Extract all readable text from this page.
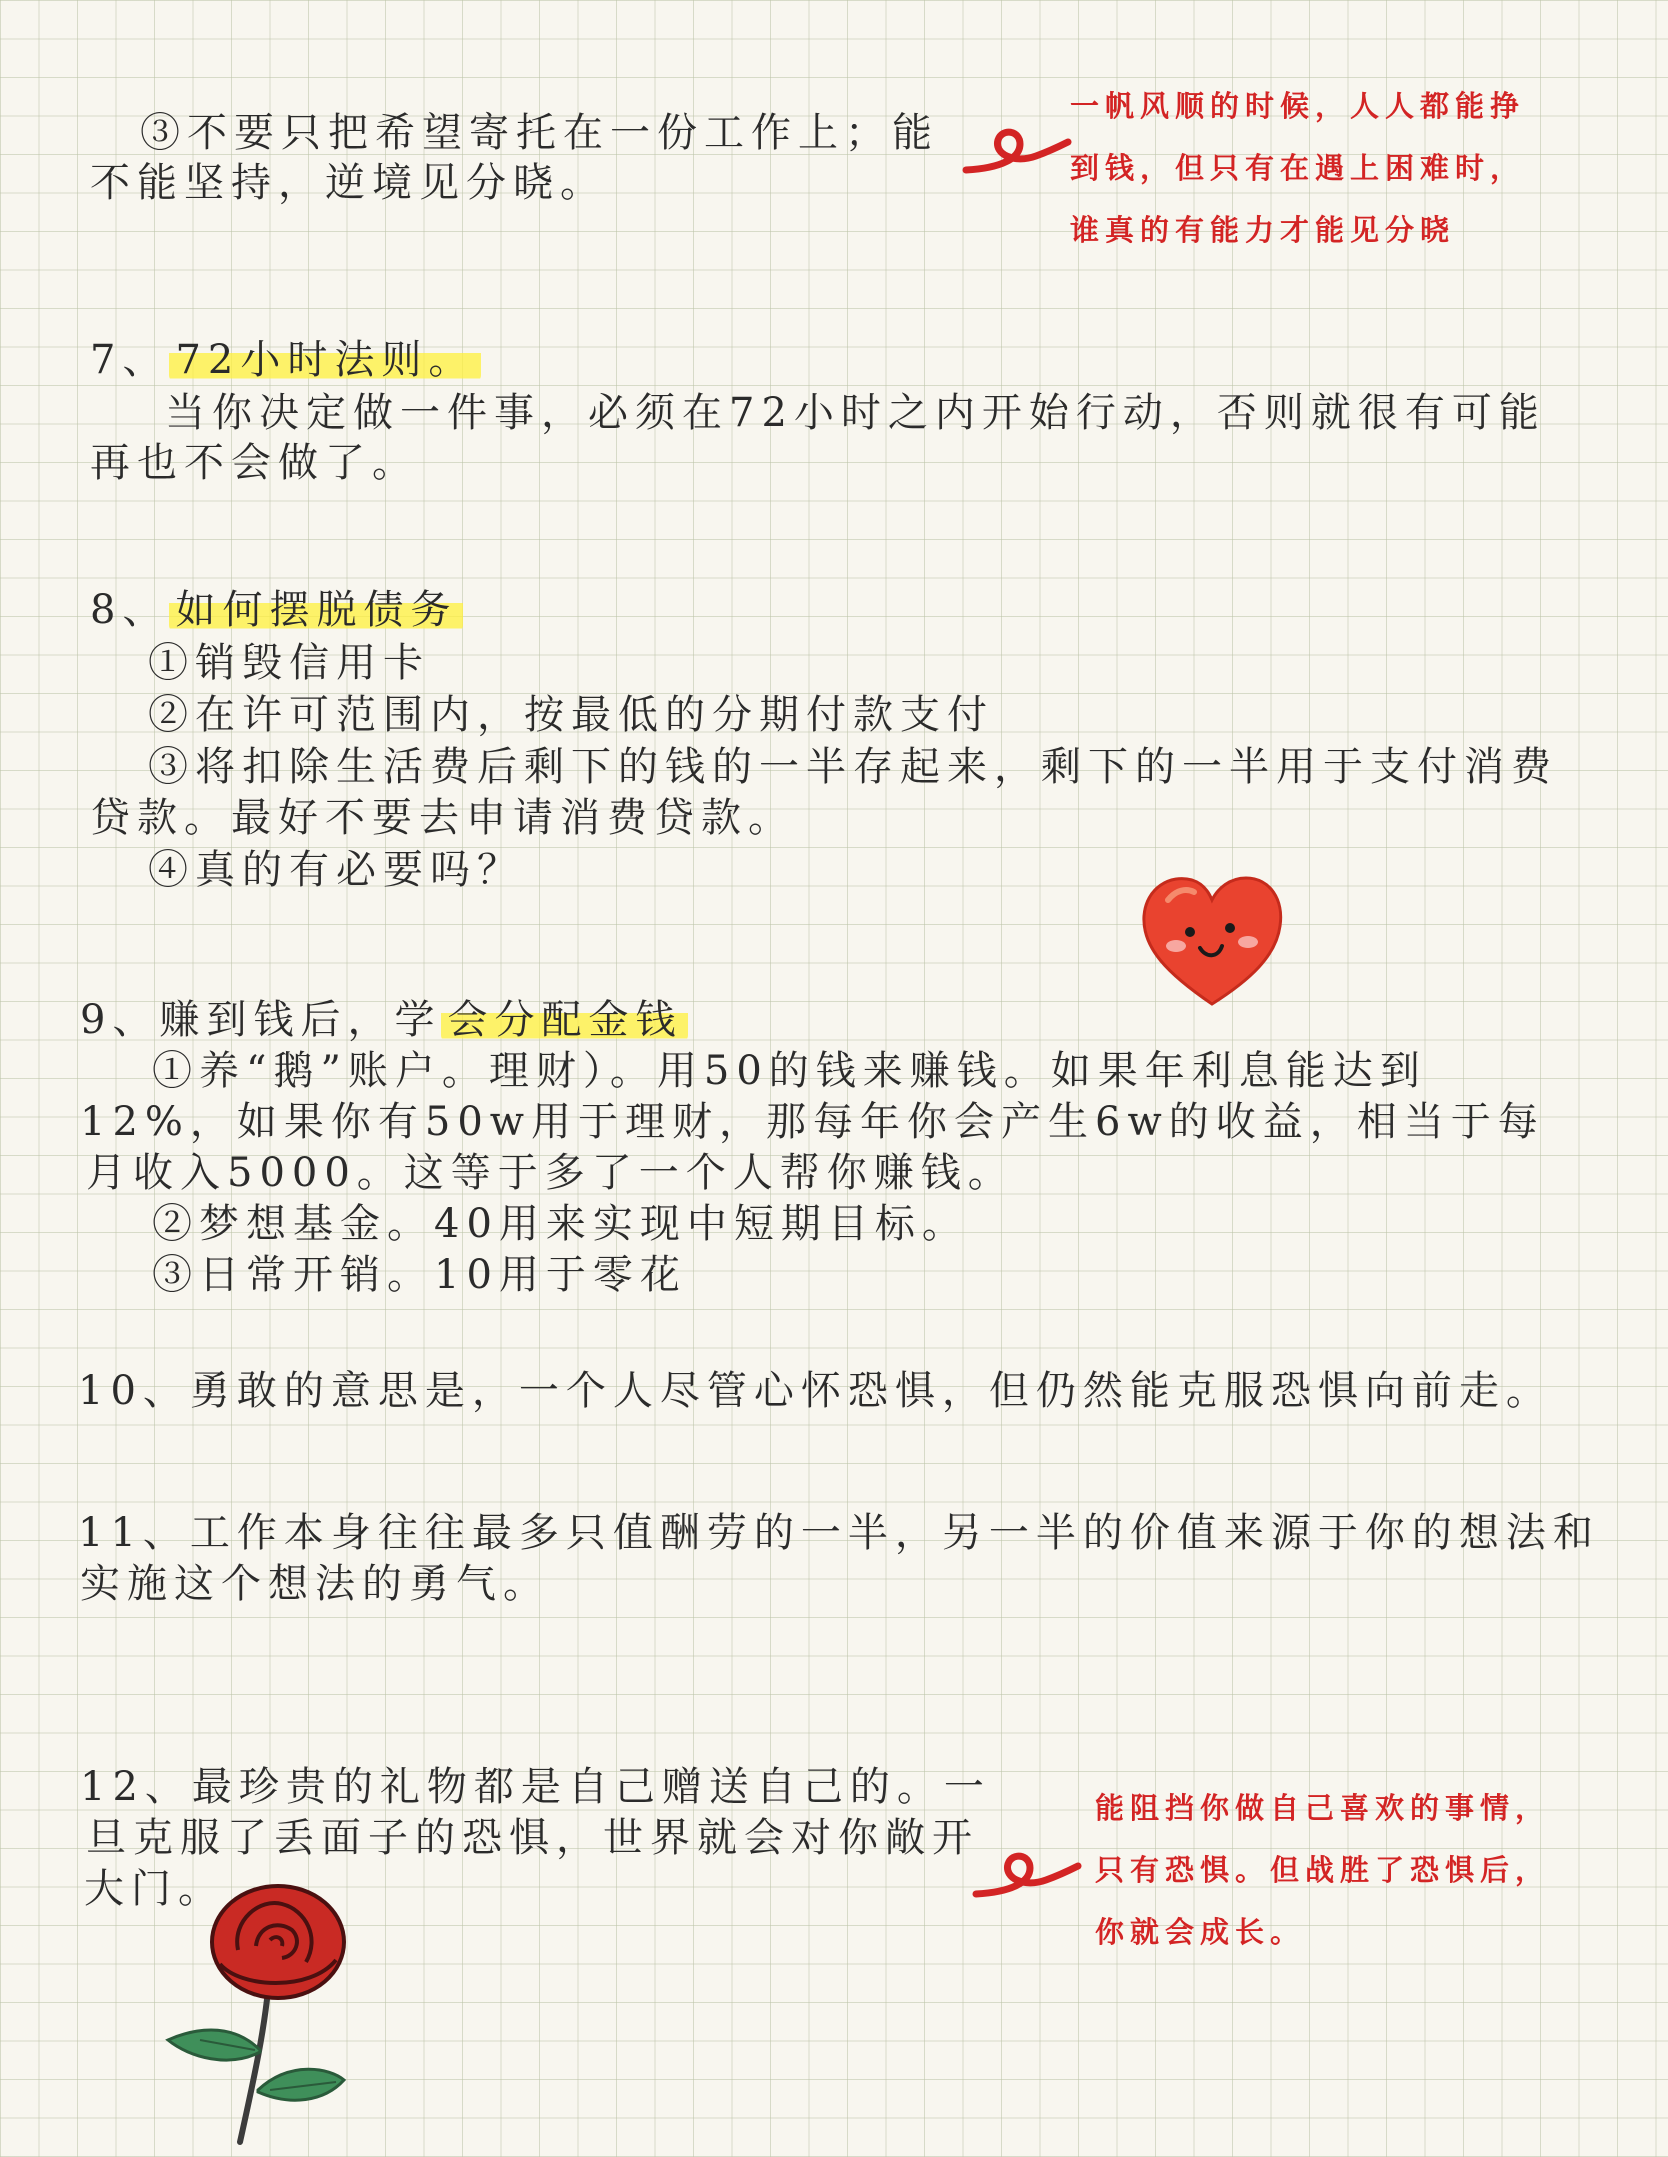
③不要只把希望寄托在一份工作上；能
不能坚持，逆境见分晓。
一帆风顺的时候，人人都能挣
到钱，但只有在遇上困难时，
谁真的有能力才能见分晓
7、 72小时法则。
当你决定做一件事，必须在72小时之内开始行动，否则就很有可能
再也不会做了。
8、 如何摆脱债务
①销毁信用卡
②在许可范围内，按最低的分期付款支付
③将扣除生活费后剩下的钱的一半存起来，剩下的一半用于支付消费
贷款。最好不要去申请消费贷款。
④真的有必要吗？
9、赚到钱后，学 会分配金钱
①养“鹅”账户。理财）。用50的钱来赚钱。如果年利息能达到
12%，如果你有50w用于理财，那每年你会产生6w的收益，相当于每
月收入5000。这等于多了一个人帮你赚钱。
②梦想基金。40用来实现中短期目标。
③日常开销。10用于零花
10、勇敢的意思是，一个人尽管心怀恐惧，但仍然能克服恐惧向前走。
11、工作本身往往最多只值酬劳的一半，另一半的价值来源于你的想法和
实施这个想法的勇气。
12、最珍贵的礼物都是自己赠送自己的。一
旦克服了丢面子的恐惧，世界就会对你敞开
大门。
能阻挡你做自己喜欢的事情，
只有恐惧。但战胜了恐惧后，
你就会成长。
